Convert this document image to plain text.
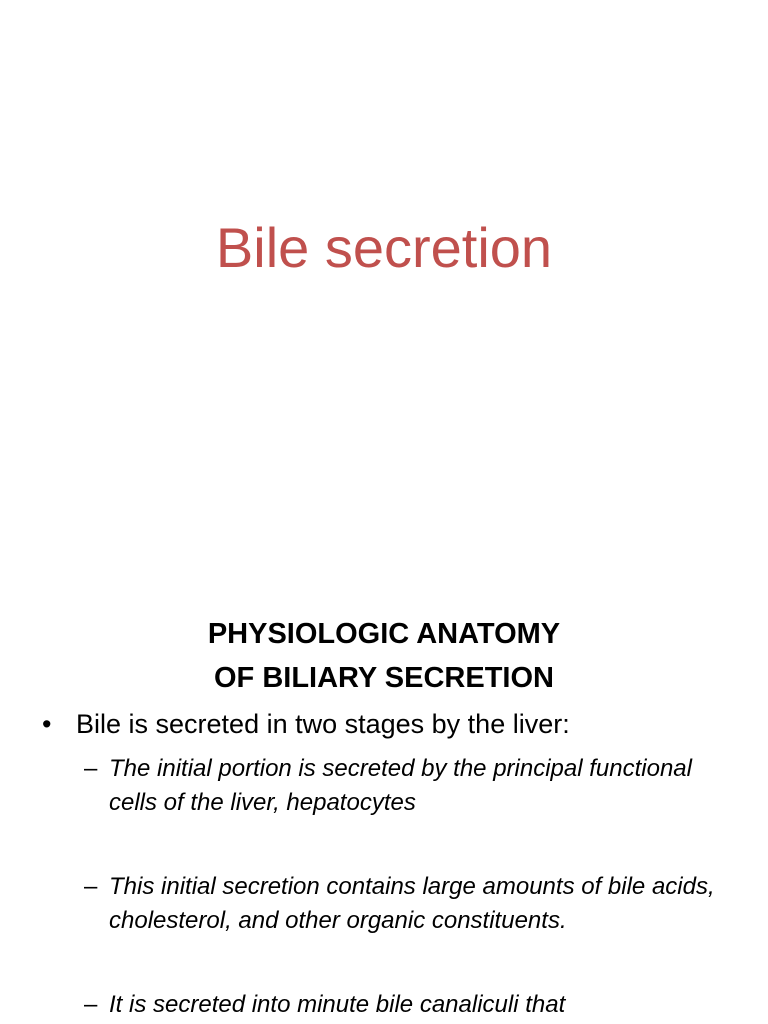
Bile secretion
PHYSIOLOGIC ANATOMY
OF BILIARY SECRETION
• Bile is secreted in two stages by the liver:
– The initial portion is secreted by the principal functional cells of the liver, hepatocytes
– This initial secretion contains large amounts of bile acids, cholesterol, and other organic constituents.
– It is secreted into minute bile canaliculi that
